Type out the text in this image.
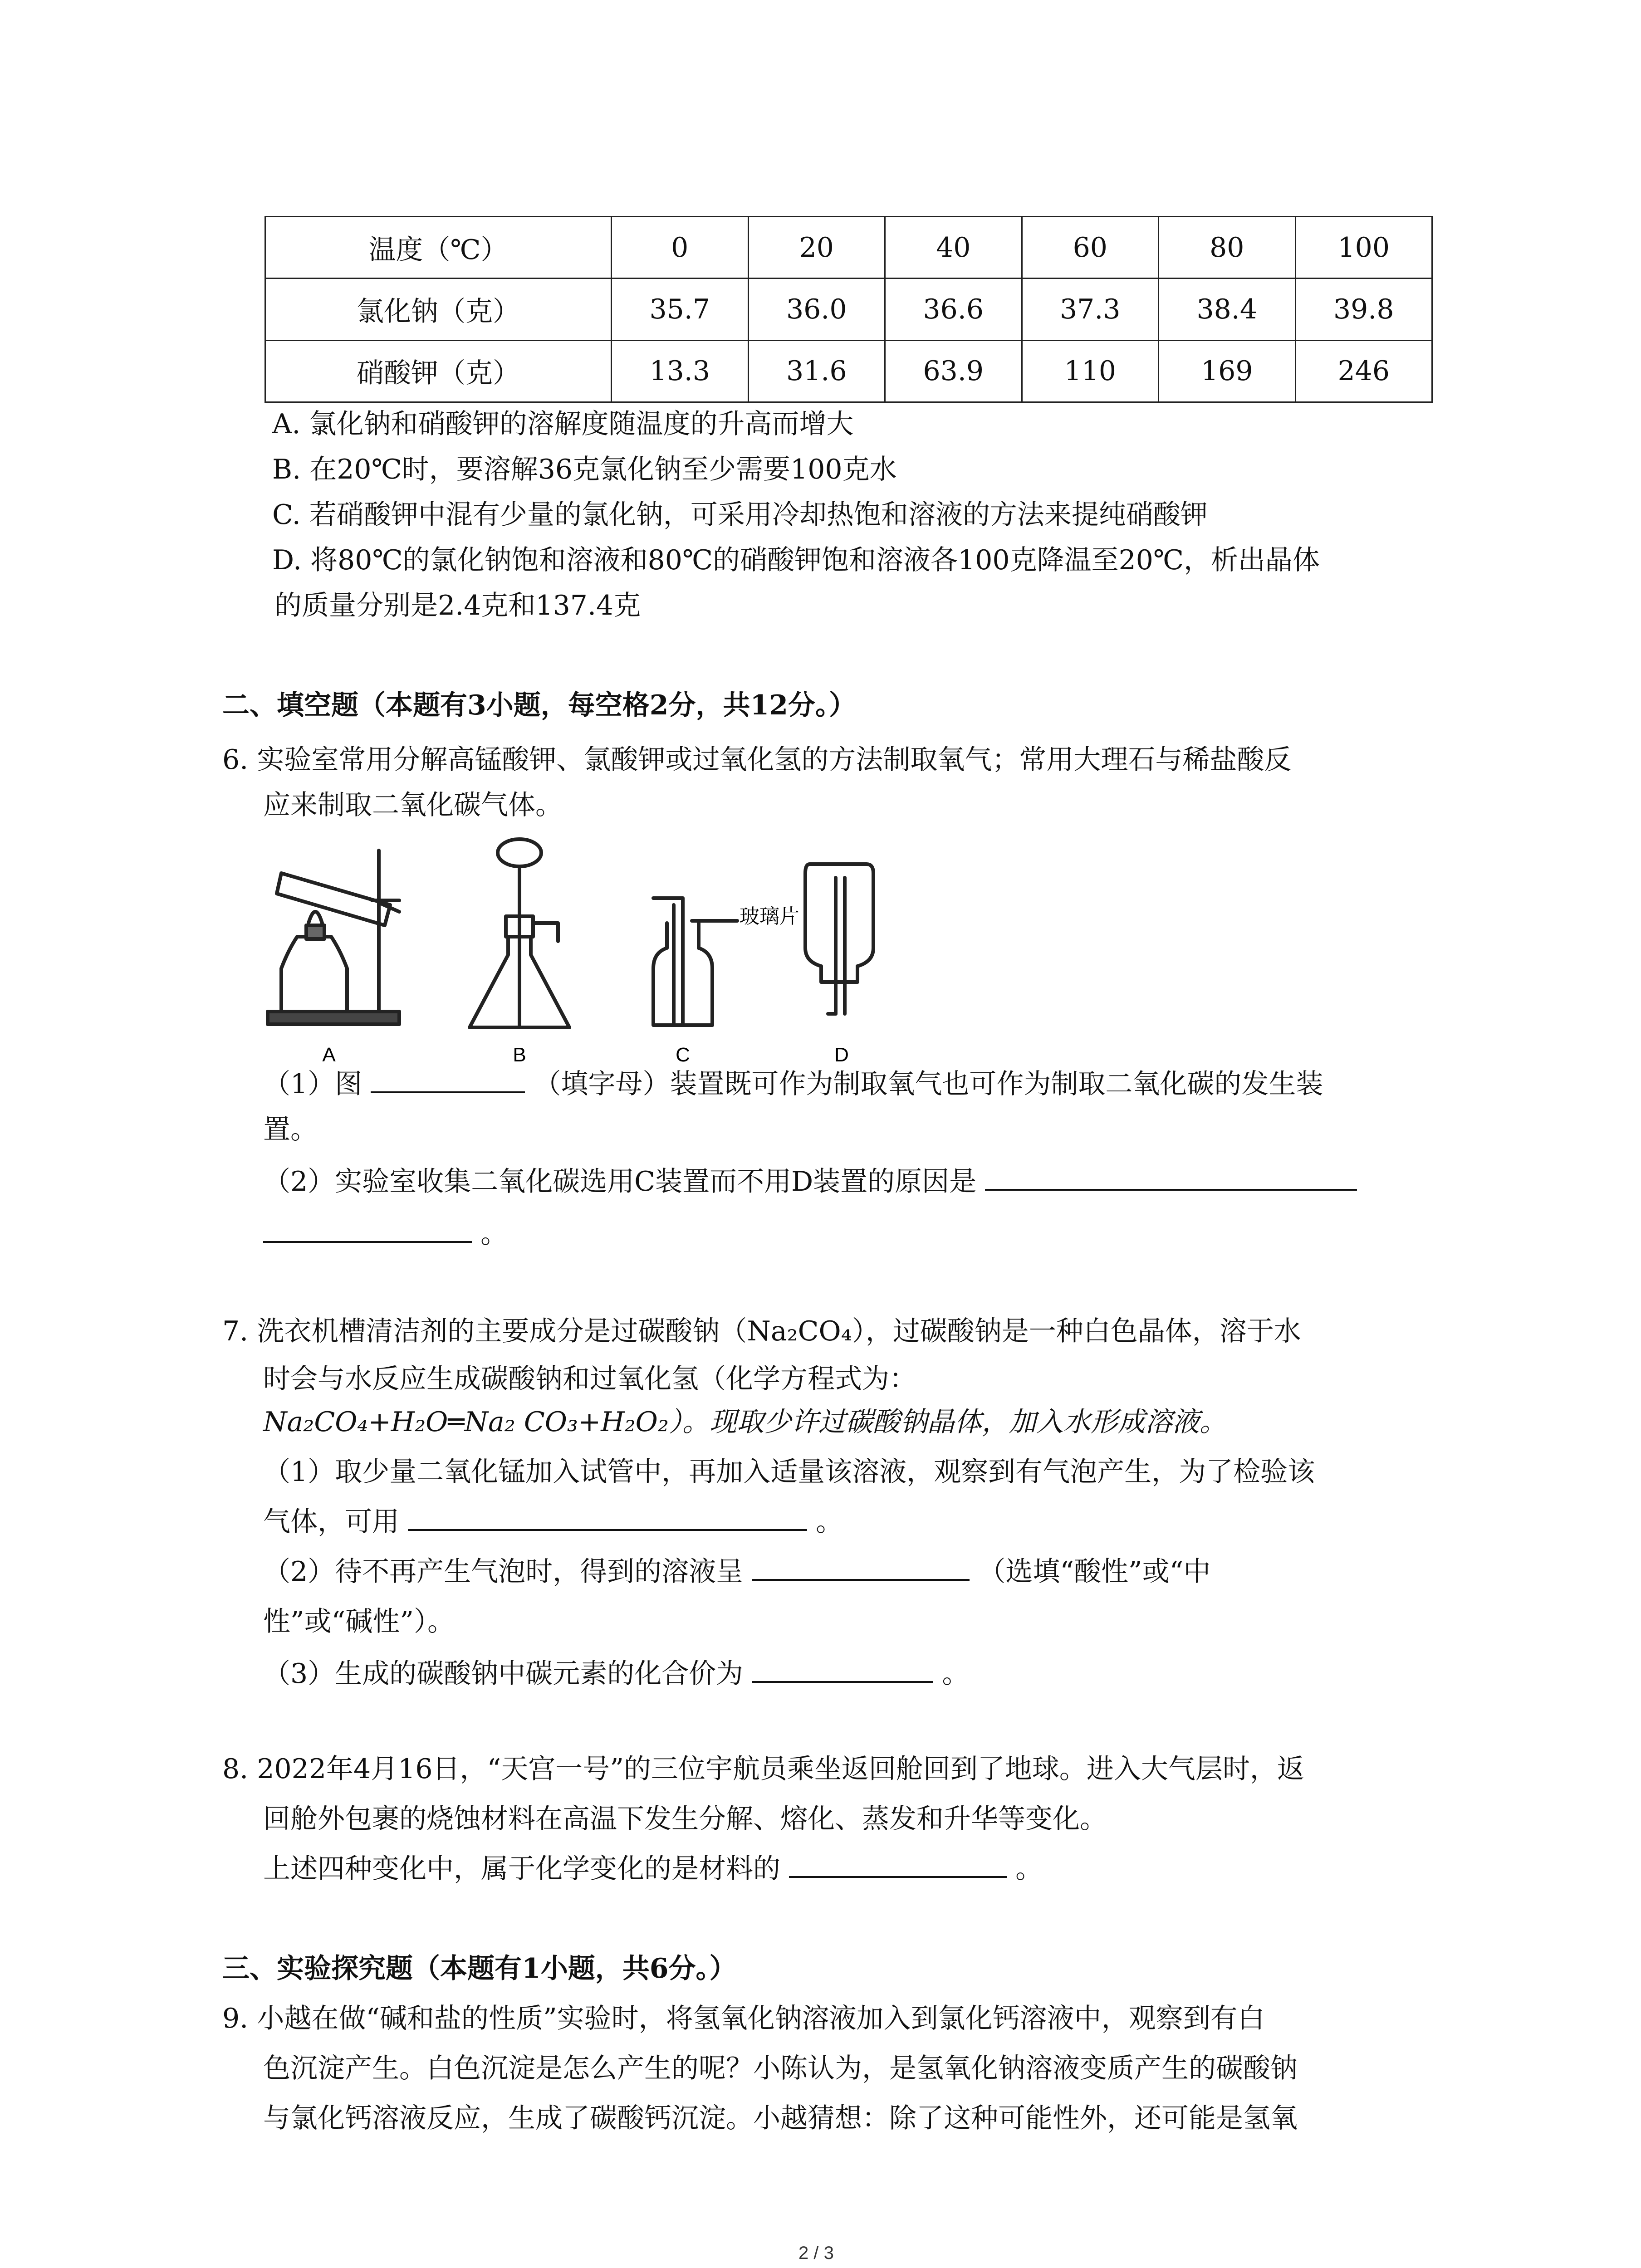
温度（℃）	0	20	40	60	80	100
氯化钠（克）	35.7	36.0	36.6	37.3	38.4	39.8
硝酸钾（克）	13.3	31.6	63.9	110	169	246
A. 氯化钠和硝酸钾的溶解度随温度的升高而增大
B. 在20℃时，要溶解36克氯化钠至少需要100克水
C. 若硝酸钾中混有少量的氯化钠，可采用冷却热饱和溶液的方法来提纯硝酸钾
D. 将80℃的氯化钠饱和溶液和80℃的硝酸钾饱和溶液各100克降温至20℃，析出晶体
的质量分别是2.4克和137.4克
二、填空题（本题有3小题，每空格2分，共12分。）
6. 实验室常用分解高锰酸钾、氯酸钾或过氧化氢的方法制取氧气；常用大理石与稀盐酸反
应来制取二氧化碳气体。
A	B	C	D
玻璃片
（1）图	（填字母）装置既可作为制取氧气也可作为制取二氧化碳的发生装
置。
（2）实验室收集二氧化碳选用C装置而不用D装置的原因是
。
7. 洗衣机槽清洁剂的主要成分是过碳酸钠（Na₂CO₄），过碳酸钠是一种白色晶体，溶于水
时会与水反应生成碳酸钠和过氧化氢（化学方程式为：
Na₂CO₄+H₂O═Na₂ CO₃+H₂O₂）。现取少许过碳酸钠晶体，加入水形成溶液。
（1）取少量二氧化锰加入试管中，再加入适量该溶液，观察到有气泡产生，为了检验该
气体，可用	。
（2）待不再产生气泡时，得到的溶液呈	（选填“酸性”或“中
性”或“碱性”）。
（3）生成的碳酸钠中碳元素的化合价为	。
8. 2022年4月16日，“天宫一号”的三位宇航员乘坐返回舱回到了地球。进入大气层时，返
回舱外包裹的烧蚀材料在高温下发生分解、熔化、蒸发和升华等变化。
上述四种变化中，属于化学变化的是材料的	。
三、实验探究题（本题有1小题，共6分。）
9. 小越在做“碱和盐的性质”实验时，将氢氧化钠溶液加入到氯化钙溶液中，观察到有白
色沉淀产生。白色沉淀是怎么产生的呢？小陈认为，是氢氧化钠溶液变质产生的碳酸钠
与氯化钙溶液反应，生成了碳酸钙沉淀。小越猜想：除了这种可能性外，还可能是氢氧
2 / 3
